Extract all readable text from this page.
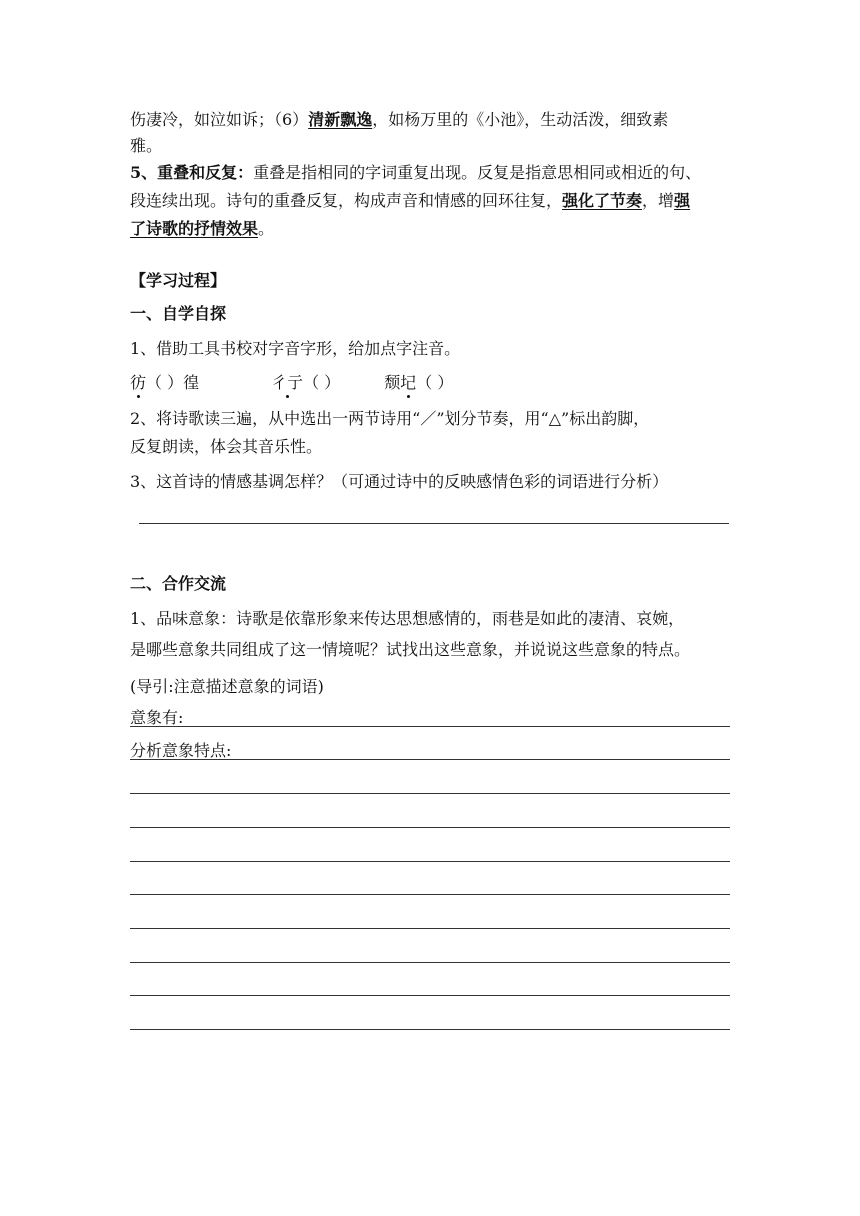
伤凄冷，如泣如诉；（6）清新飘逸，如杨万里的《小池》，生动活泼，细致素
雅。
5、重叠和反复：重叠是指相同的字词重复出现。反复是指意思相同或相近的句、
段连续出现。诗句的重叠反复，构成声音和情感的回环往复，强化了节奏，增强
了诗歌的抒情效果。
【学习过程】
一、自学自探
1、借助工具书校对字音字形，给加点字注音。
彷（ ）徨	彳亍（ ）	颓圮（ ）
2、将诗歌读三遍，从中选出一两节诗用“／”划分节奏，用“△”标出韵脚，
反复朗读，体会其音乐性。
3、这首诗的情感基调怎样？（可通过诗中的反映感情色彩的词语进行分析）
二、合作交流
1、品味意象：诗歌是依靠形象来传达思想感情的，雨巷是如此的凄清、哀婉，
是哪些意象共同组成了这一情境呢？试找出这些意象，并说说这些意象的特点。
(导引:注意描述意象的词语)
意象有:
分析意象特点:
